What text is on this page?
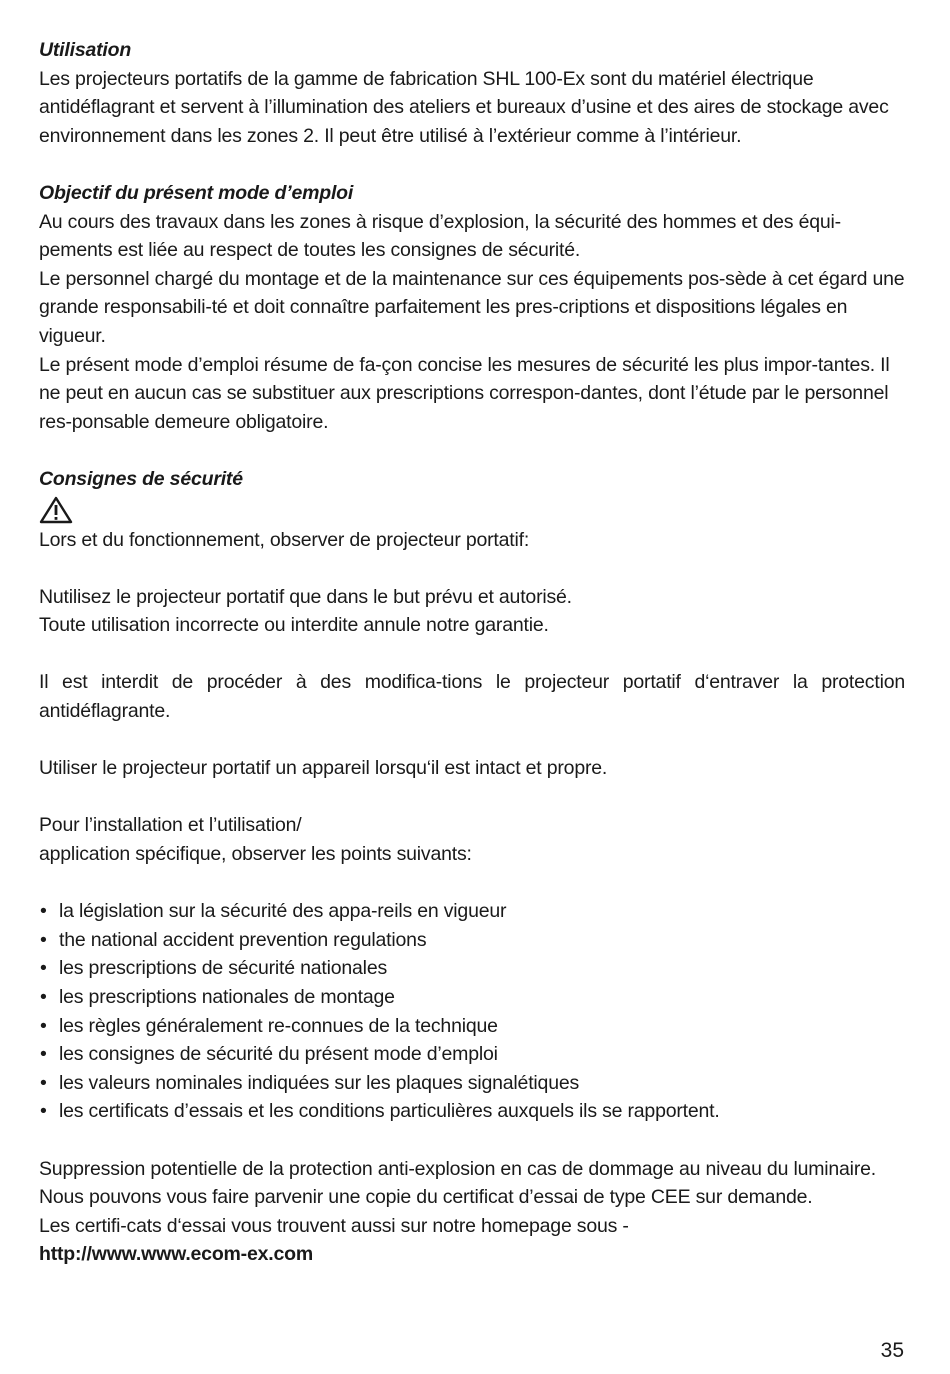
Utilisation

Les projecteurs portatifs de la gamme de fabrication SHL 100-Ex sont du matériel électrique antidéflagrant et servent à l’illumination des ateliers et bureaux d’usine et des aires de stockage avec environnement dans les zones 2. Il peut être utilisé à l’extérieur comme à l’intérieur.

Objectif du présent mode d’emploi

Au cours des travaux dans les zones à risque d’explosion, la sécurité des hommes et des équi-pements est liée au respect de toutes les consignes de sécurité.

Le personnel chargé du montage et de la maintenance sur ces équipements pos-sède à cet égard une grande responsabili-té et doit connaître parfaitement les pres-criptions et dispositions légales en vigueur.

Le présent mode d’emploi résume de fa-çon concise les mesures de sécurité les plus impor-tantes. Il ne peut en aucun cas se substituer aux prescriptions correspon-dantes, dont l’étude par le personnel res-ponsable demeure obligatoire.

Consignes de sécurité

Lors et du fonctionnement, observer de projecteur portatif:

Nutilisez le projecteur portatif que dans le but prévu et autorisé.

Toute utilisation incorrecte ou interdite annule notre garantie.

Il est interdit de procéder à des modifica-tions le projecteur portatif d‘entraver la protection antidéflagrante.

Utiliser le projecteur portatif un appareil lorsqu‘il est intact et propre.

Pour l’installation et l’utilisation/

application spécifique, observer les points suivants:

• la législation sur la sécurité des appa-reils en vigueur
• the national accident prevention regulations
• les prescriptions de sécurité nationales
• les prescriptions nationales de montage
• les règles généralement re-connues de la technique
• les consignes de sécurité du présent mode d’emploi
• les valeurs nominales indiquées sur les plaques signalétiques
• les certificats d’essais et les conditions particulières auxquels ils se rapportent.

Suppression potentielle de la protection anti-explosion en cas de dommage au niveau du luminaire.

Nous pouvons vous faire parvenir une copie du certificat d’essai de type CEE sur demande.

Les certifi-cats d‘essai vous trouvent aussi sur notre homepage sous -

http://www.www.ecom-ex.com

35
